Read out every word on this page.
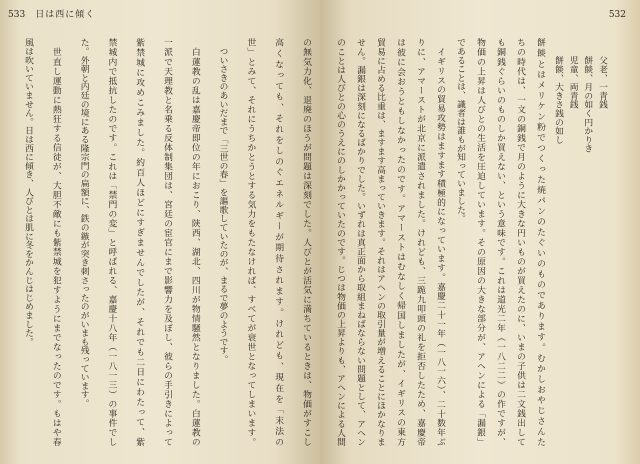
533 日は西に傾く
の無気力化、退廃のほうが問題は深刻でした。人びとが活気に満ちているときは、物価がすこし
高くなっても、それをしのぐエネルギーが期待されます。けれども、現在を「末法の
世」とみて、それにうちかとうとする気力をもたなければ、すべてが衰世となってしまいます。
　ついさきのあいだまで「三世の春」を謳歌していたのが、まるで夢のようです。
　白蓮教の乱は嘉慶帝即位の年におこり、陝西、湖北、四川が物情騒然となりました。白蓮教の
一派で天理教と名乗る反体制集団は、宮廷の宦官にまで影響力を及ぼし、彼らの手引きによって
紫禁城に攻めこみました。約百人ほどにすぎませんでしたが、それでも二日にわたって、紫
禁城内で抵抗したのです。これは「禁門の変」と呼ばれる、嘉慶十八年（一八一三）の事件でし
た。外朝と内廷の境にある隆宗門の扁額に、鉄の鏃が突き刺さったのがいまも残っています。
　世直し運動に熱狂する信徒が、大胆不敵にも紫禁城を犯すようにまでなったのです。もはや春
風は吹いていません。日は西に傾き、人びとは肌に冬をかんじはじめました。
532
父老、一青銭
餅餤、月の如く円かりき
児童、両青銭
餅餤、大きさ銭の如し
餅餤とはメリケン粉でつくった焼パンのたぐいのものであります。むかしおやじさんた
ちの時代は、一文の銅銭で月のように大きな円いものが買えたのに、いまの子供は二文銭出して
も銅銭ぐらいのものしか買えない、という意味です。これは道光二年（一八二二）の作ですが、
物価の上昇は人びとの生活を圧迫しています。その原因の大きな部分が、アヘンによる「漏銀」
であることは、識者は誰もが知っていました。
　イギリスの貿易攻勢はますます積極的になっています。嘉慶二十一年（一八一六）、二十数年ぶ
りに、アマーストが北京に派遣されました。けれども、三跪九叩頭の礼を拒否したため、嘉慶帝
は彼に会おうともしなかったのです。アマーストはむなしく帰国しましたが、イギリスの東方
貿易に占める比重は、ますます高まっていきます。それはアヘンの取引量が増えることにほかなりま
せん。漏銀は深刻になるばかりでした。いずれは真正面から取組まねばならない問題として、アヘン
のことは人びとの心のうえにのしかかっていたのです。じつは物価の上昇よりも、アヘンによる人間
